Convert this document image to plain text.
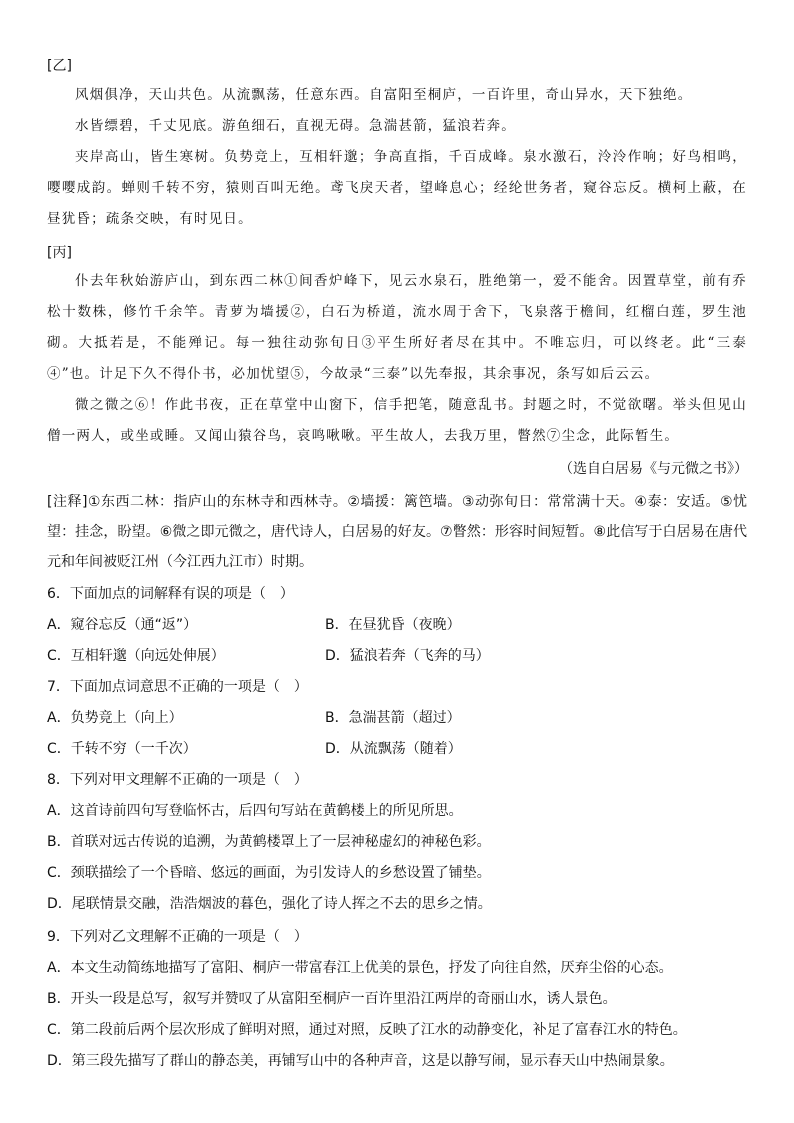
[乙]
风烟俱净，天山共色。从流飘荡，任意东西。自富阳至桐庐，一百许里，奇山异水，天下独绝。
水皆缥碧，千丈见底。游鱼细石，直视无碍。急湍甚箭，猛浪若奔。
夹岸高山，皆生寒树。负势竞上，互相轩邈；争高直指，千百成峰。泉水激石，泠泠作响；好鸟相鸣，嘤嘤成韵。蝉则千转不穷，猿则百叫无绝。鸢飞戾天者，望峰息心；经纶世务者，窥谷忘反。横柯上蔽，在昼犹昏；疏条交映，有时见日。
[丙]
仆去年秋始游庐山，到东西二林①间香炉峰下，见云水泉石，胜绝第一，爱不能舍。因置草堂，前有乔松十数株，修竹千余竿。青萝为墙援②，白石为桥道，流水周于舍下，飞泉落于檐间，红榴白莲，罗生池砌。大抵若是，不能殚记。每一独往动弥旬日③平生所好者尽在其中。不唯忘归，可以终老。此“三泰④”也。计足下久不得仆书，必加忧望⑤，今故录“三泰”以先奉报，其余事况，条写如后云云。
微之微之⑥！作此书夜，正在草堂中山窗下，信手把笔，随意乱书。封题之时，不觉欲曙。举头但见山僧一两人，或坐或睡。又闻山猿谷鸟，哀鸣啾啾。平生故人，去我万里，瞥然⑦尘念，此际暂生。
（选自白居易《与元微之书》）
[注释]①东西二林：指庐山的东林寺和西林寺。②墙援：篱笆墙。③动弥旬日：常常满十天。④泰：安适。⑤忧望：挂念，盼望。⑥微之即元微之，唐代诗人，白居易的好友。⑦瞥然：形容时间短暂。⑧此信写于白居易在唐代元和年间被贬江州（今江西九江市）时期。
6．下面加点的词解释有误的项是（　）
A．窥谷忘反（通“返”）	B．在昼犹昏（夜晚）
C．互相轩邈（向远处伸展）	D．猛浪若奔（飞奔的马）
7．下面加点词意思不正确的一项是（　）
A．负势竞上（向上）	B．急湍甚箭（超过）
C．千转不穷（一千次）	D．从流飘荡（随着）
8．下列对甲文理解不正确的一项是（　）
A．这首诗前四句写登临怀古，后四句写站在黄鹤楼上的所见所思。
B．首联对远古传说的追溯，为黄鹤楼罩上了一层神秘虚幻的神秘色彩。
C．颈联描绘了一个昏暗、悠远的画面，为引发诗人的乡愁设置了铺垫。
D．尾联情景交融，浩浩烟波的暮色，强化了诗人挥之不去的思乡之情。
9．下列对乙文理解不正确的一项是（　）
A．本文生动简练地描写了富阳、桐庐一带富春江上优美的景色，抒发了向往自然，厌弃尘俗的心态。
B．开头一段是总写，叙写并赞叹了从富阳至桐庐一百许里沿江两岸的奇丽山水，诱人景色。
C．第二段前后两个层次形成了鲜明对照，通过对照，反映了江水的动静变化，补足了富春江水的特色。
D．第三段先描写了群山的静态美，再铺写山中的各种声音，这是以静写闹，显示春天山中热闹景象。
